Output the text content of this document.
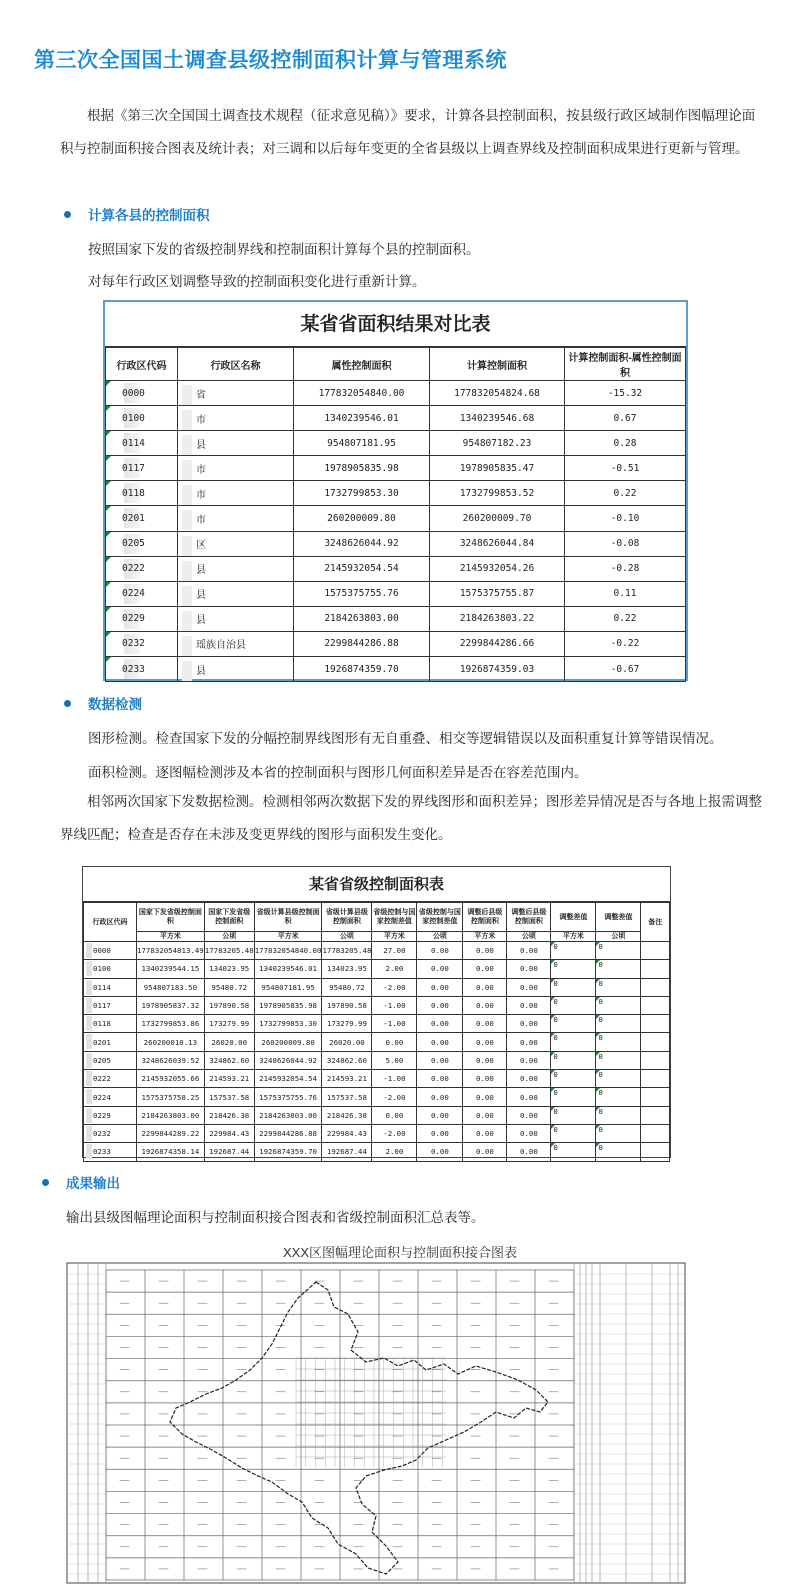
第三次全国国土调查县级控制面积计算与管理系统
根据《第三次全国国土调查技术规程（征求意见稿）》要求，计算各县控制面积，按县级行政区域制作图幅理论面积与控制面积接合图表及统计表；对三调和以后每年变更的全省县级以上调查界线及控制面积成果进行更新与管理。
计算各县的控制面积
按照国家下发的省级控制界线和控制面积计算每个县的控制面积。
对每年行政区划调整导致的控制面积变化进行重新计算。
某省省面积结果对比表
行政区代码	行政区名称	属性控制面积	计算控制面积	计算控制面积-属性控制面积

0000	省	177832054840.00	177832054824.68	-15.32

0100	市	1340239546.01	1340239546.68	0.67

0114	县	954807181.95	954807182.23	0.28

0117	市	1978905835.98	1978905835.47	-0.51

0118	市	1732799853.30	1732799853.52	0.22

0201	市	260200009.80	260200009.70	-0.10

0205	区	3248626044.92	3248626044.84	-0.08

0222	县	2145932054.54	2145932054.26	-0.28

0224	县	1575375755.76	1575375755.87	0.11

0229	县	2184263803.00	2184263803.22	0.22

0232	瑶族自治县	2299844286.88	2299844286.66	-0.22

0233	县	1926874359.70	1926874359.03	-0.67
数据检测
图形检测。检查国家下发的分幅控制界线图形有无自重叠、相交等逻辑错误以及面积重复计算等错误情况。
面积检测。逐图幅检测涉及本省的控制面积与图形几何面积差异是否在容差范围内。
相邻两次国家下发数据检测。检测相邻两次数据下发的界线图形和面积差异；图形差异情况是否与各地上报需调整界线匹配；检查是否存在未涉及变更界线的图形与面积发生变化。
某省省级控制面积表
行政区代码	国家下发省级控制面积	国家下发省级控制面积	省级计算县级控制面积	省级计算县级控制面积	省级控制与国家控制差值	省级控制与国家控制差值	调整后县级控制面积	调整后县级控制面积	调整差值	调整差值	备注
	平方米	公顷	平方米	公顷	平方米	公顷	平方米	公顷	平方米	公顷	

0000	177832054813.49	17783205.48	177832054840.00	17783205.48	27.00	0.00	0.00	0.00	0	0	

0100	1340239544.15	134023.95	1340239546.01	134023.95	2.00	0.00	0.00	0.00	0	0	

0114	954807183.50	95480.72	954807181.95	95480.72	-2.00	0.00	0.00	0.00	0	0	

0117	1978905837.32	197890.58	1978905835.98	197890.58	-1.00	0.00	0.00	0.00	0	0	

0118	1732799853.86	173279.99	1732799853.30	173279.99	-1.00	0.00	0.00	0.00	0	0	

0201	260200010.13	26020.00	260200009.80	26020.00	0.00	0.00	0.00	0.00	0	0	

0205	3248626039.52	324862.60	3248626044.92	324862.60	5.00	0.00	0.00	0.00	0	0	

0222	2145932055.66	214593.21	2145932054.54	214593.21	-1.00	0.00	0.00	0.00	0	0	

0224	1575375758.25	157537.58	1575375755.76	157537.58	-2.00	0.00	0.00	0.00	0	0	

0229	2184263803.00	218426.38	2184263803.00	218426.38	0.00	0.00	0.00	0.00	0	0	

0232	2299844289.22	229984.43	2299844286.88	229984.43	-2.00	0.00	0.00	0.00	0	0	

0233	1926874358.14	192687.44	1926874359.70	192687.44	2.00	0.00	0.00	0.00	0	0	
成果输出
输出县级图幅理论面积与控制面积接合图表和省级控制面积汇总表等。
XXX区图幅理论面积与控制面积接合图表
